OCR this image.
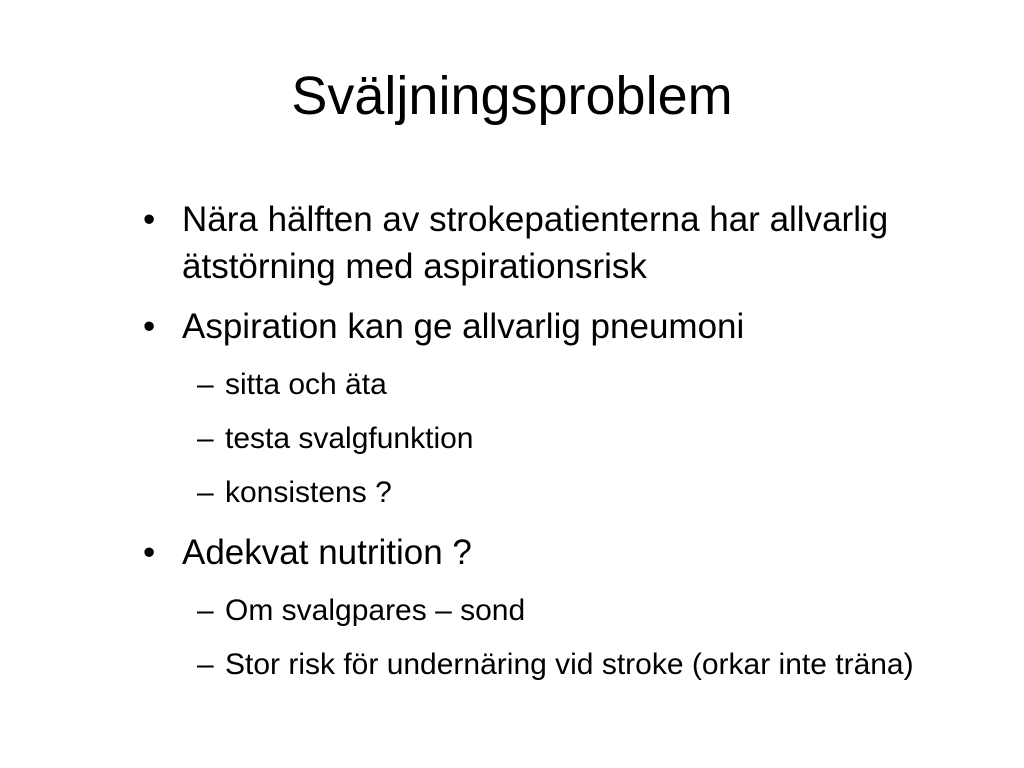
Sväljningsproblem
• Nära hälften av strokepatienterna har allvarlig ätstörning med aspirationsrisk
• Aspiration kan ge allvarlig pneumoni
– sitta och äta
– testa svalgfunktion
– konsistens ?
• Adekvat nutrition ?
– Om svalgpares – sond
– Stor risk för undernäring vid stroke (orkar inte träna)
